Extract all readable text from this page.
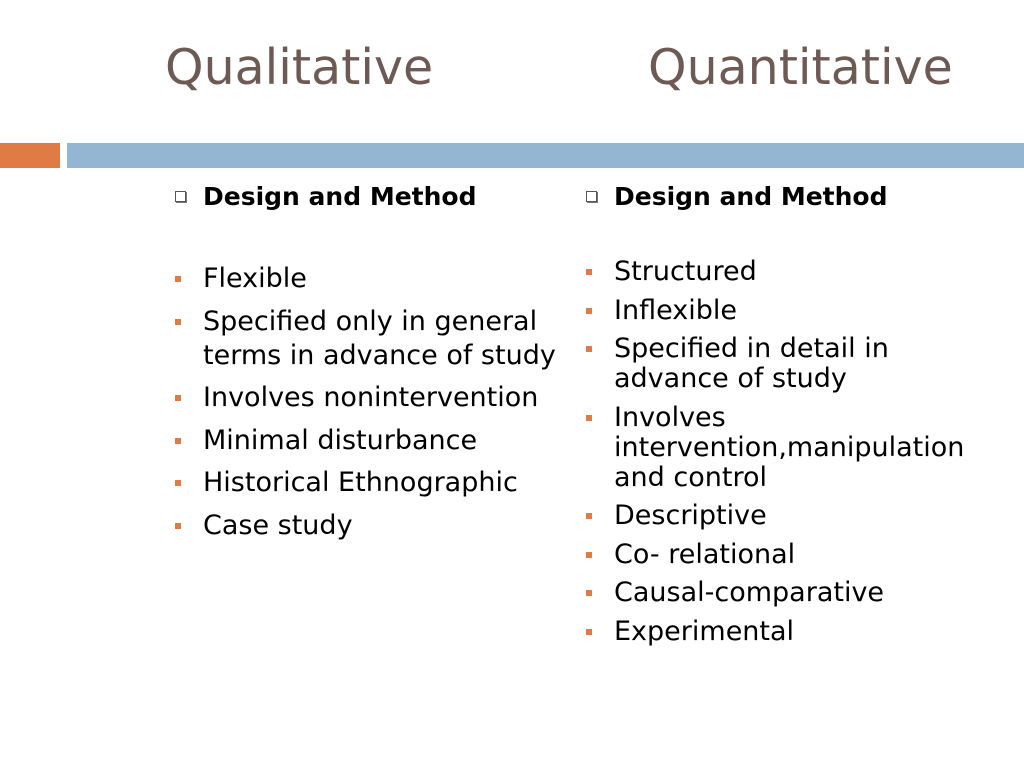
Qualitative	Quantitative
Design and Method
Flexible
Specified only in general terms in advance of study
Involves nonintervention
Minimal disturbance
Historical Ethnographic
Case study
Design and Method
Structured
Inflexible
Specified in detail in advance of study
Involves intervention,manipulation and control
Descriptive
Co- relational
Causal-comparative
Experimental
